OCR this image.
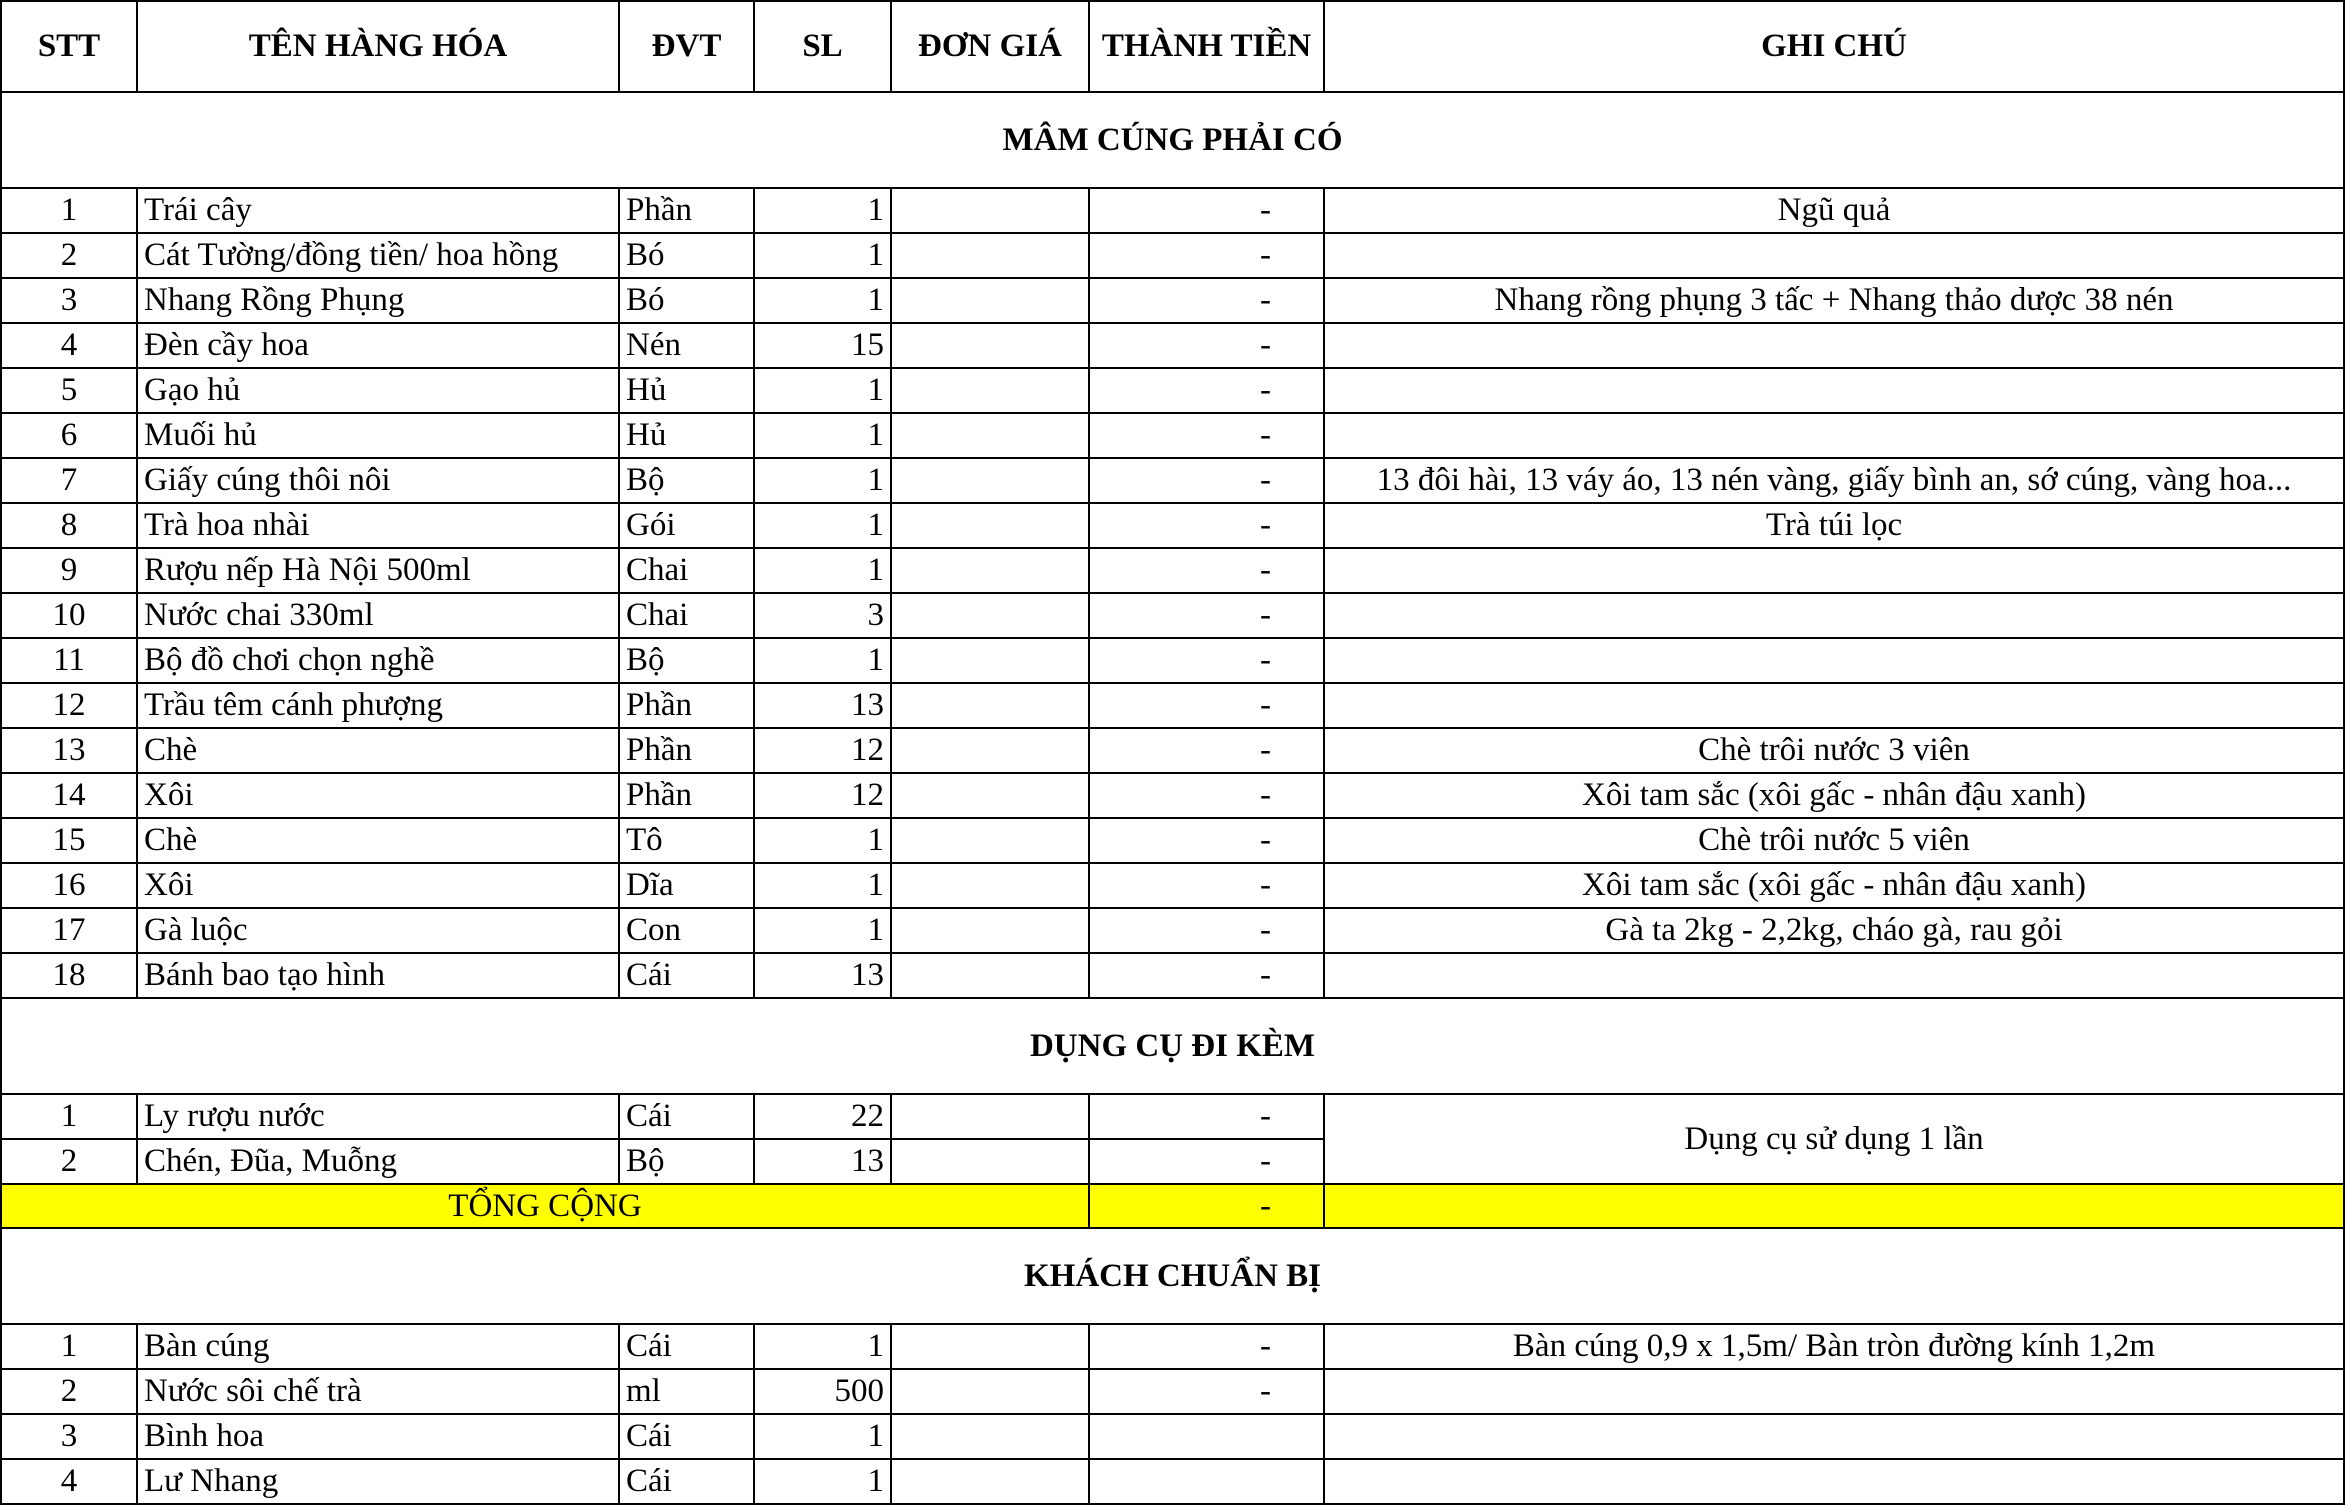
STT	TÊN HÀNG HÓA	ĐVT	SL	ĐƠN GIÁ	THÀNH TIỀN	GHI CHÚ
MÂM CÚNG PHẢI CÓ						
1	Trái cây	Phần	1		-	Ngũ quả
2	Cát Tường/đồng tiền/ hoa hồng	Bó	1		-	
3	Nhang Rồng Phụng	Bó	1		-	Nhang rồng phụng 3 tấc + Nhang thảo dược 38 nén
4	Đèn cầy hoa	Nén	15		-	
5	Gạo hủ	Hủ	1		-	
6	Muối hủ	Hủ	1		-	
7	Giấy cúng thôi nôi	Bộ	1		-	13 đôi hài, 13 váy áo, 13 nén vàng, giấy bình an, sớ cúng, vàng hoa...
8	Trà hoa nhài	Gói	1		-	Trà túi lọc
9	Rượu nếp Hà Nội 500ml	Chai	1		-	
10	Nước chai 330ml	Chai	3		-	
11	Bộ đồ chơi chọn nghề	Bộ	1		-	
12	Trầu têm cánh phượng	Phần	13		-	
13	Chè	Phần	12		-	Chè trôi nước 3 viên
14	Xôi	Phần	12		-	Xôi tam sắc (xôi gấc - nhân đậu xanh)
15	Chè	Tô	1		-	Chè trôi nước 5 viên
16	Xôi	Dĩa	1		-	Xôi tam sắc (xôi gấc - nhân đậu xanh)
17	Gà luộc	Con	1		-	Gà ta 2kg - 2,2kg, cháo gà, rau gỏi
18	Bánh bao tạo hình	Cái	13		-	
DỤNG CỤ ĐI KÈM						
1	Ly rượu nước	Cái	22		-	Dụng cụ sử dụng 1 lần
2	Chén, Đũa, Muỗng	Bộ	13		-	
TỔNG CỘNG					-	
KHÁCH CHUẨN BỊ						
1	Bàn cúng	Cái	1		-	Bàn cúng 0,9 x 1,5m/ Bàn tròn đường kính 1,2m
2	Nước sôi chế trà	ml	500		-	
3	Bình hoa	Cái	1			
4	Lư Nhang	Cái	1			
